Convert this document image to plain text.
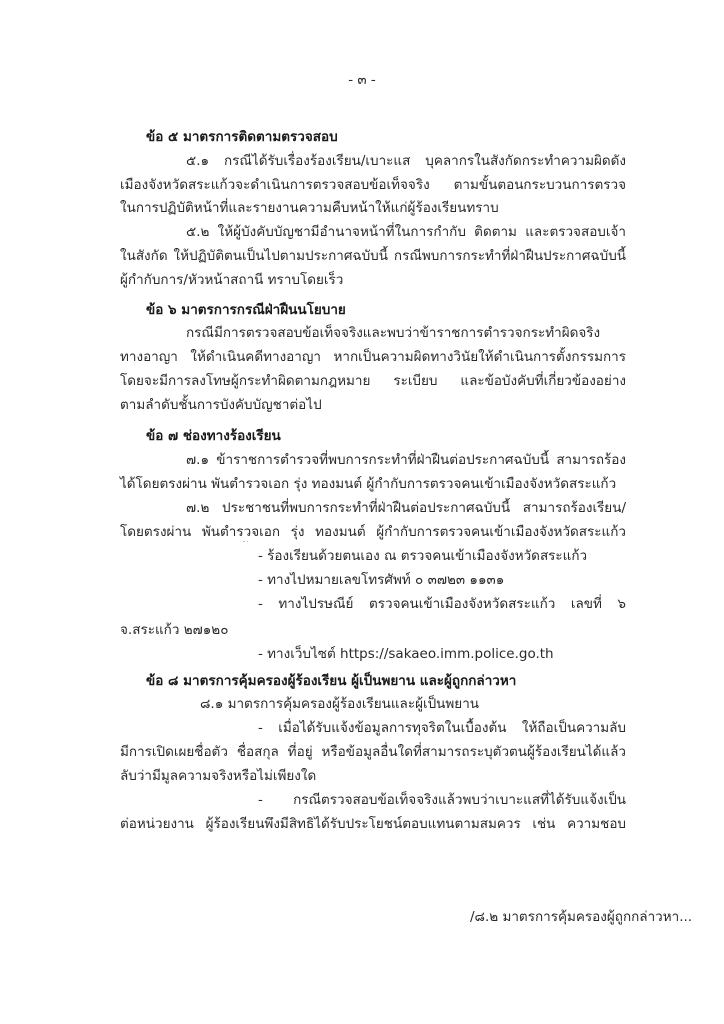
- ๓ -
ข้อ ๕ มาตรการติดตามตรวจสอบ
๕.๑ กรณีได้รับเรื่องร้องเรียน/เบาะแส บุคลากรในสังกัดกระทำความผิดดัง
เมืองจังหวัดสระแก้วจะดำเนินการตรวจสอบข้อเท็จจริง ตามขั้นตอนกระบวนการตรวจ
ในการปฏิบัติหน้าที่และรายงานความคืบหน้าให้แก่ผู้ร้องเรียนทราบ
๕.๒ ให้ผู้บังคับบัญชามีอำนาจหน้าที่ในการกำกับ ติดตาม และตรวจสอบเจ้า
ในสังกัด ให้ปฏิบัติตนเป็นไปตามประกาศฉบับนี้ กรณีพบการกระทำที่ฝ่าฝืนประกาศฉบับนี้
ผู้กำกับการ/หัวหน้าสถานี ทราบโดยเร็ว
ข้อ ๖ มาตรการกรณีฝ่าฝืนนโยบาย
กรณีมีการตรวจสอบข้อเท็จจริงและพบว่าข้าราชการตำรวจกระทำผิดจริง
ทางอาญา ให้ดำเนินคดีทางอาญา หากเป็นความผิดทางวินัยให้ดำเนินการตั้งกรรมการ
โดยจะมีการลงโทษผู้กระทำผิดตามกฎหมาย ระเบียบ และข้อบังคับที่เกี่ยวข้องอย่าง
ตามลำดับชั้นการบังคับบัญชาต่อไป
ข้อ ๗ ช่องทางร้องเรียน
๗.๑ ข้าราชการตำรวจที่พบการกระทำที่ฝ่าฝืนต่อประกาศฉบับนี้ สามารถร้อง
ได้โดยตรงผ่าน พันตำรวจเอก รุ่ง ทองมนต์ ผู้กำกับการตรวจคนเข้าเมืองจังหวัดสระแก้ว
๗.๒ ประชาชนที่พบการกระทำที่ฝ่าฝืนต่อประกาศฉบับนี้ สามารถร้องเรียน/
โดยตรงผ่าน พันตำรวจเอก รุ่ง ทองมนต์ ผู้กำกับการตรวจคนเข้าเมืองจังหวัดสระแก้ว
- ร้องเรียนด้วยตนเอง ณ ตรวจคนเข้าเมืองจังหวัดสระแก้ว
- ทางไปหมายเลขโทรศัพท์ ๐ ๓๗๒๓ ๑๑๓๑
- ทางไปรษณีย์ ตรวจคนเข้าเมืองจังหวัดสระแก้ว เลขที่ ๖
จ.สระแก้ว ๒๗๑๒๐
- ทางเว็บไซต์ https://sakaeo.imm.police.go.th
ข้อ ๘ มาตรการคุ้มครองผู้ร้องเรียน ผู้เป็นพยาน และผู้ถูกกล่าวหา
๘.๑ มาตรการคุ้มครองผู้ร้องเรียนและผู้เป็นพยาน
- เมื่อได้รับแจ้งข้อมูลการทุจริตในเบื้องต้น ให้ถือเป็นความลับ
มีการเปิดเผยชื่อตัว ชื่อสกุล ที่อยู่ หรือข้อมูลอื่นใดที่สามารถระบุตัวตนผู้ร้องเรียนได้แล้ว
ลับว่ามีมูลความจริงหรือไม่เพียงใด
- กรณีตรวจสอบข้อเท็จจริงแล้วพบว่าเบาะแสที่ได้รับแจ้งเป็น
ต่อหน่วยงาน ผู้ร้องเรียนพึงมีสิทธิได้รับประโยชน์ตอบแทนตามสมควร เช่น ความชอบ
/๘.๒ มาตรการคุ้มครองผู้ถูกกล่าวหา...
